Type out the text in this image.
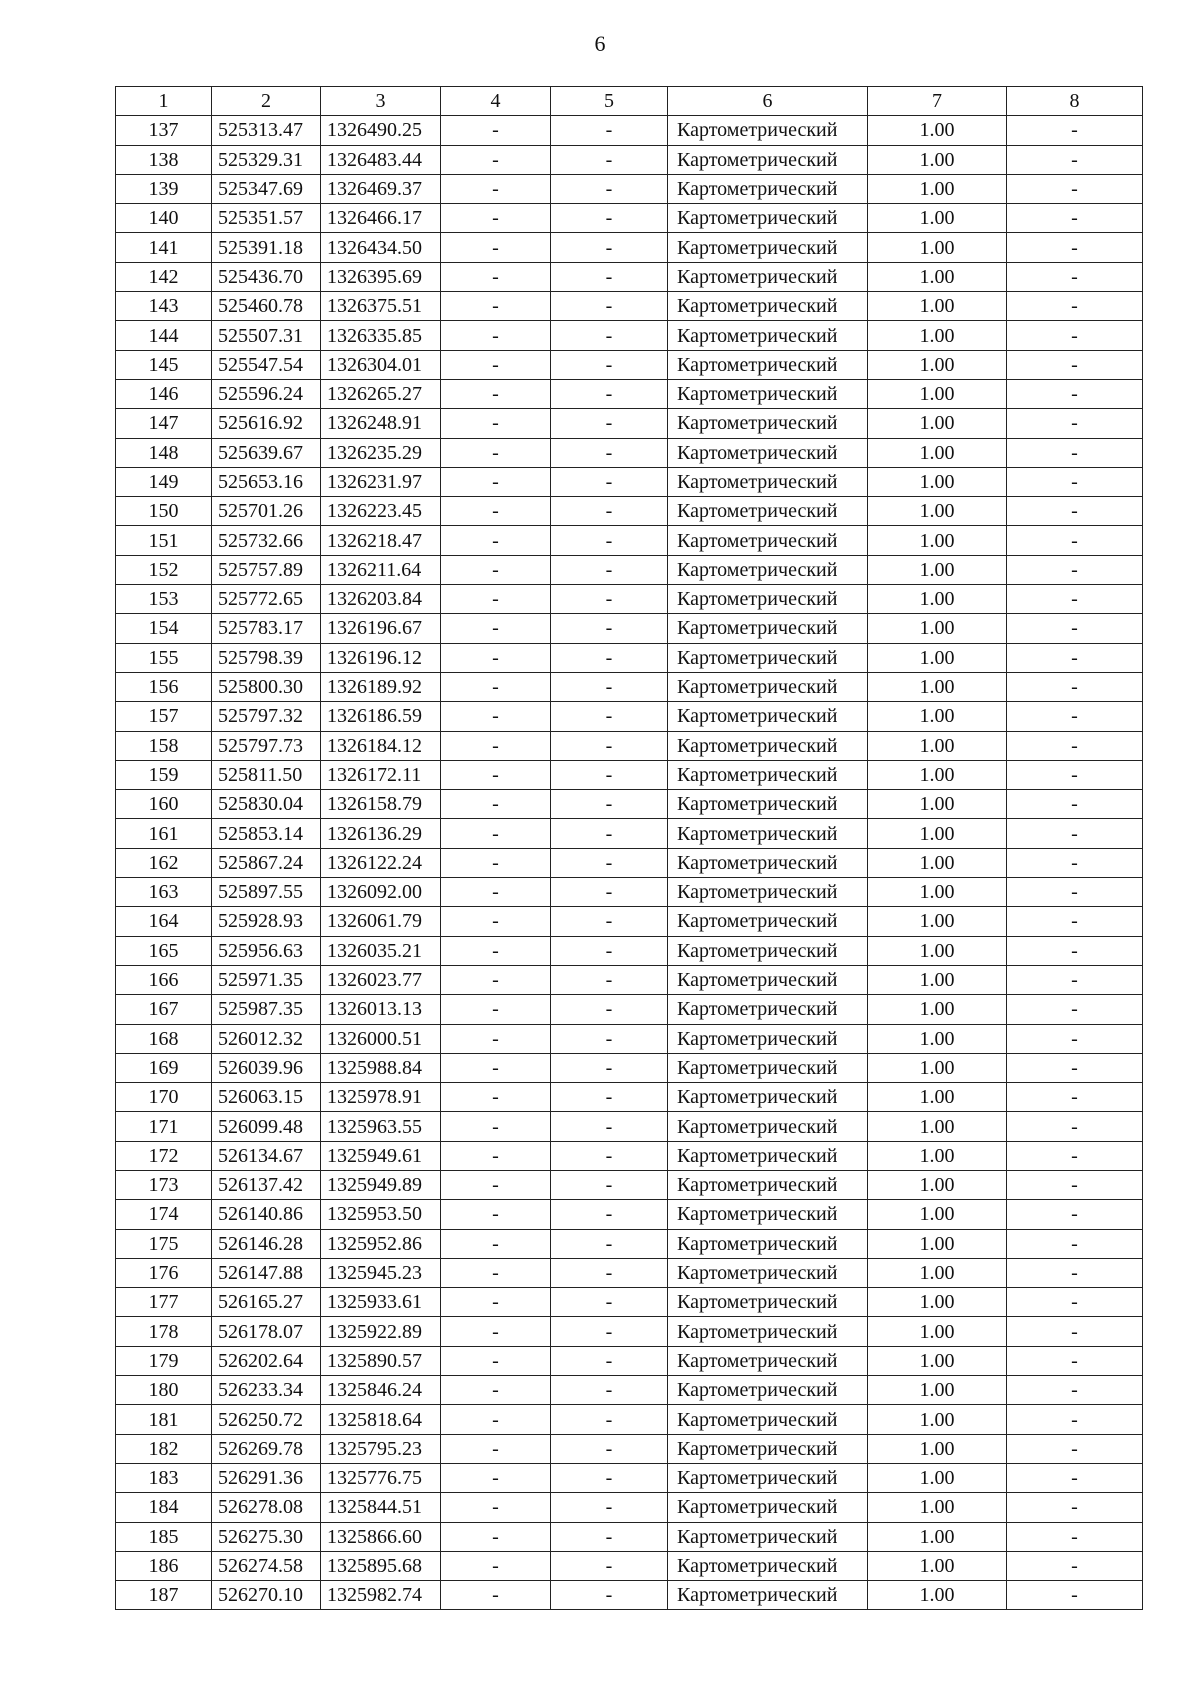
6
1	2	3	4	5	6	7	8
137	525313.47	1326490.25	-	-	Картометрический	1.00	-
138	525329.31	1326483.44	-	-	Картометрический	1.00	-
139	525347.69	1326469.37	-	-	Картометрический	1.00	-
140	525351.57	1326466.17	-	-	Картометрический	1.00	-
141	525391.18	1326434.50	-	-	Картометрический	1.00	-
142	525436.70	1326395.69	-	-	Картометрический	1.00	-
143	525460.78	1326375.51	-	-	Картометрический	1.00	-
144	525507.31	1326335.85	-	-	Картометрический	1.00	-
145	525547.54	1326304.01	-	-	Картометрический	1.00	-
146	525596.24	1326265.27	-	-	Картометрический	1.00	-
147	525616.92	1326248.91	-	-	Картометрический	1.00	-
148	525639.67	1326235.29	-	-	Картометрический	1.00	-
149	525653.16	1326231.97	-	-	Картометрический	1.00	-
150	525701.26	1326223.45	-	-	Картометрический	1.00	-
151	525732.66	1326218.47	-	-	Картометрический	1.00	-
152	525757.89	1326211.64	-	-	Картометрический	1.00	-
153	525772.65	1326203.84	-	-	Картометрический	1.00	-
154	525783.17	1326196.67	-	-	Картометрический	1.00	-
155	525798.39	1326196.12	-	-	Картометрический	1.00	-
156	525800.30	1326189.92	-	-	Картометрический	1.00	-
157	525797.32	1326186.59	-	-	Картометрический	1.00	-
158	525797.73	1326184.12	-	-	Картометрический	1.00	-
159	525811.50	1326172.11	-	-	Картометрический	1.00	-
160	525830.04	1326158.79	-	-	Картометрический	1.00	-
161	525853.14	1326136.29	-	-	Картометрический	1.00	-
162	525867.24	1326122.24	-	-	Картометрический	1.00	-
163	525897.55	1326092.00	-	-	Картометрический	1.00	-
164	525928.93	1326061.79	-	-	Картометрический	1.00	-
165	525956.63	1326035.21	-	-	Картометрический	1.00	-
166	525971.35	1326023.77	-	-	Картометрический	1.00	-
167	525987.35	1326013.13	-	-	Картометрический	1.00	-
168	526012.32	1326000.51	-	-	Картометрический	1.00	-
169	526039.96	1325988.84	-	-	Картометрический	1.00	-
170	526063.15	1325978.91	-	-	Картометрический	1.00	-
171	526099.48	1325963.55	-	-	Картометрический	1.00	-
172	526134.67	1325949.61	-	-	Картометрический	1.00	-
173	526137.42	1325949.89	-	-	Картометрический	1.00	-
174	526140.86	1325953.50	-	-	Картометрический	1.00	-
175	526146.28	1325952.86	-	-	Картометрический	1.00	-
176	526147.88	1325945.23	-	-	Картометрический	1.00	-
177	526165.27	1325933.61	-	-	Картометрический	1.00	-
178	526178.07	1325922.89	-	-	Картометрический	1.00	-
179	526202.64	1325890.57	-	-	Картометрический	1.00	-
180	526233.34	1325846.24	-	-	Картометрический	1.00	-
181	526250.72	1325818.64	-	-	Картометрический	1.00	-
182	526269.78	1325795.23	-	-	Картометрический	1.00	-
183	526291.36	1325776.75	-	-	Картометрический	1.00	-
184	526278.08	1325844.51	-	-	Картометрический	1.00	-
185	526275.30	1325866.60	-	-	Картометрический	1.00	-
186	526274.58	1325895.68	-	-	Картометрический	1.00	-
187	526270.10	1325982.74	-	-	Картометрический	1.00	-
